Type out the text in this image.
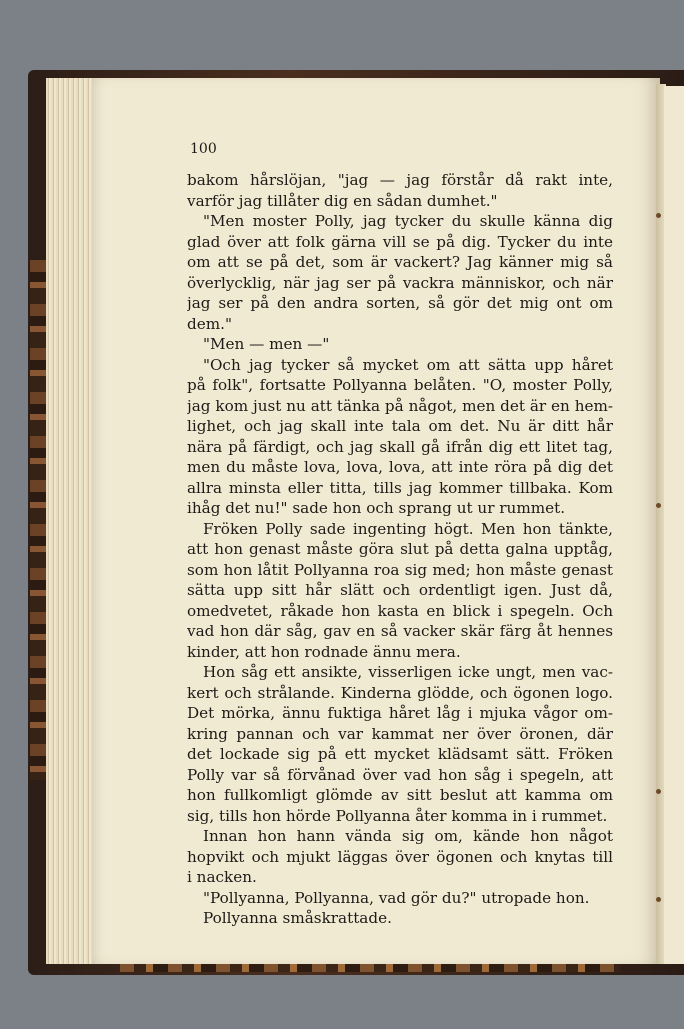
100
bakom hårslöjan, "jag — jag förstår då rakt inte,
varför jag tillåter dig en sådan dumhet."
"Men moster Polly, jag tycker du skulle känna dig
glad över att folk gärna vill se på dig. Tycker du inte
om att se på det, som är vackert? Jag känner mig så
överlycklig, när jag ser på vackra människor, och när
jag ser på den andra sorten, så gör det mig ont om
dem."
"Men — men —"
"Och jag tycker så mycket om att sätta upp håret
på folk", fortsatte Pollyanna belåten. "O, moster Polly,
jag kom just nu att tänka på något, men det är en hem-
lighet, och jag skall inte tala om det. Nu är ditt hår
nära på färdigt, och jag skall gå ifrån dig ett litet tag,
men du måste lova, lova, lova, att inte röra på dig det
allra minsta eller titta, tills jag kommer tillbaka. Kom
ihåg det nu!" sade hon och sprang ut ur rummet.
Fröken Polly sade ingenting högt. Men hon tänkte,
att hon genast måste göra slut på detta galna upptåg,
som hon låtit Pollyanna roa sig med; hon måste genast
sätta upp sitt hår slätt och ordentligt igen. Just då,
omedvetet, råkade hon kasta en blick i spegeln. Och
vad hon där såg, gav en så vacker skär färg åt hennes
kinder, att hon rodnade ännu mera.
Hon såg ett ansikte, visserligen icke ungt, men vac-
kert och strålande. Kinderna glödde, och ögonen logo.
Det mörka, ännu fuktiga håret låg i mjuka vågor om-
kring pannan och var kammat ner över öronen, där
det lockade sig på ett mycket klädsamt sätt. Fröken
Polly var så förvånad över vad hon såg i spegeln, att
hon fullkomligt glömde av sitt beslut att kamma om
sig, tills hon hörde Pollyanna åter komma in i rummet.
Innan hon hann vända sig om, kände hon något
hopvikt och mjukt läggas över ögonen och knytas till
i nacken.
"Pollyanna, Pollyanna, vad gör du?" utropade hon.
Pollyanna småskrattade.
